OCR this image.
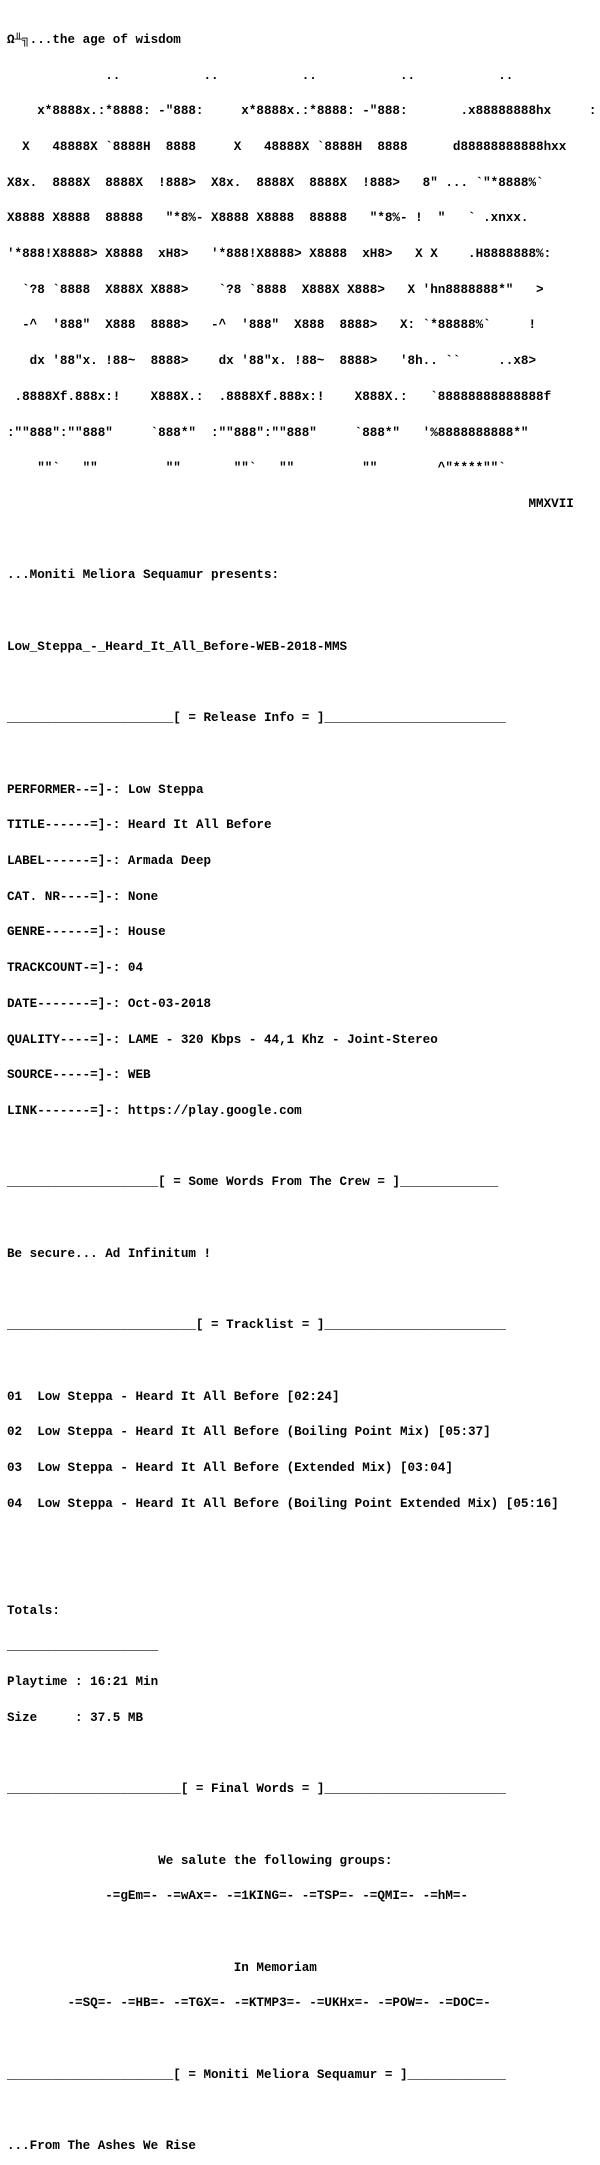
Ω╨╗...the age of wisdom

..           ..           ..           ..           ..

x*8888x.:*8888: -"888:     x*8888x.:*8888: -"888:       .x88888888hx     :

X   48888X `8888H  8888     X   48888X `8888H  8888      d88888888888hxx

X8x.  8888X  8888X  !888>  X8x.  8888X  8888X  !888>   8" ... `"*8888%`

X8888 X8888  88888   "*8%- X8888 X8888  88888   "*8%- !  "   ` .xnxx.

'*888!X8888> X8888  xH8>   '*888!X8888> X8888  xH8>   X X    .H8888888%:

`?8 `8888  X888X X888>    `?8 `8888  X888X X888>   X 'hn8888888*"   >

-^  '888"  X888  8888>   -^  '888"  X888  8888>   X: `*88888%`     !

dx '88"x. !88~  8888>    dx '88"x. !88~  8888>   '8h.. ``     ..x8>

.8888Xf.888x:!    X888X.:  .8888Xf.888x:!    X888X.:   `88888888888888f

:""888":""888"     `888*"  :""888":""888"     `888*"   '%8888888888*"

""`   ""         ""       ""`   ""         ""        ^"****""`

MMXVII

...Moniti Meliora Sequamur presents:

Low_Steppa_-_Heard_It_All_Before-WEB-2018-MMS

______________________[ = Release Info = ]________________________

PERFORMER--=]-: Low Steppa

TITLE------=]-: Heard It All Before

LABEL------=]-: Armada Deep

CAT. NR----=]-: None

GENRE------=]-: House

TRACKCOUNT-=]-: 04

DATE-------=]-: Oct-03-2018

QUALITY----=]-: LAME - 320 Kbps - 44,1 Khz - Joint-Stereo

SOURCE-----=]-: WEB

LINK-------=]-: https://play.google.com

____________________[ = Some Words From The Crew = ]_____________

Be secure... Ad Infinitum !

_________________________[ = Tracklist = ]________________________

01  Low Steppa - Heard It All Before [02:24]

02  Low Steppa - Heard It All Before (Boiling Point Mix) [05:37]

03  Low Steppa - Heard It All Before (Extended Mix) [03:04]

04  Low Steppa - Heard It All Before (Boiling Point Extended Mix) [05:16]

Totals:

____________________

Playtime : 16:21 Min

Size     : 37.5 MB

_______________________[ = Final Words = ]________________________

We salute the following groups:

-=gEm=- -=wAx=- -=1KING=- -=TSP=- -=QMI=- -=hM=-

In Memoriam

-=SQ=- -=HB=- -=TGX=- -=KTMP3=- -=UKHx=- -=POW=- -=DOC=-

______________________[ = Moniti Meliora Sequamur = ]_____________

...From The Ashes We Rise
